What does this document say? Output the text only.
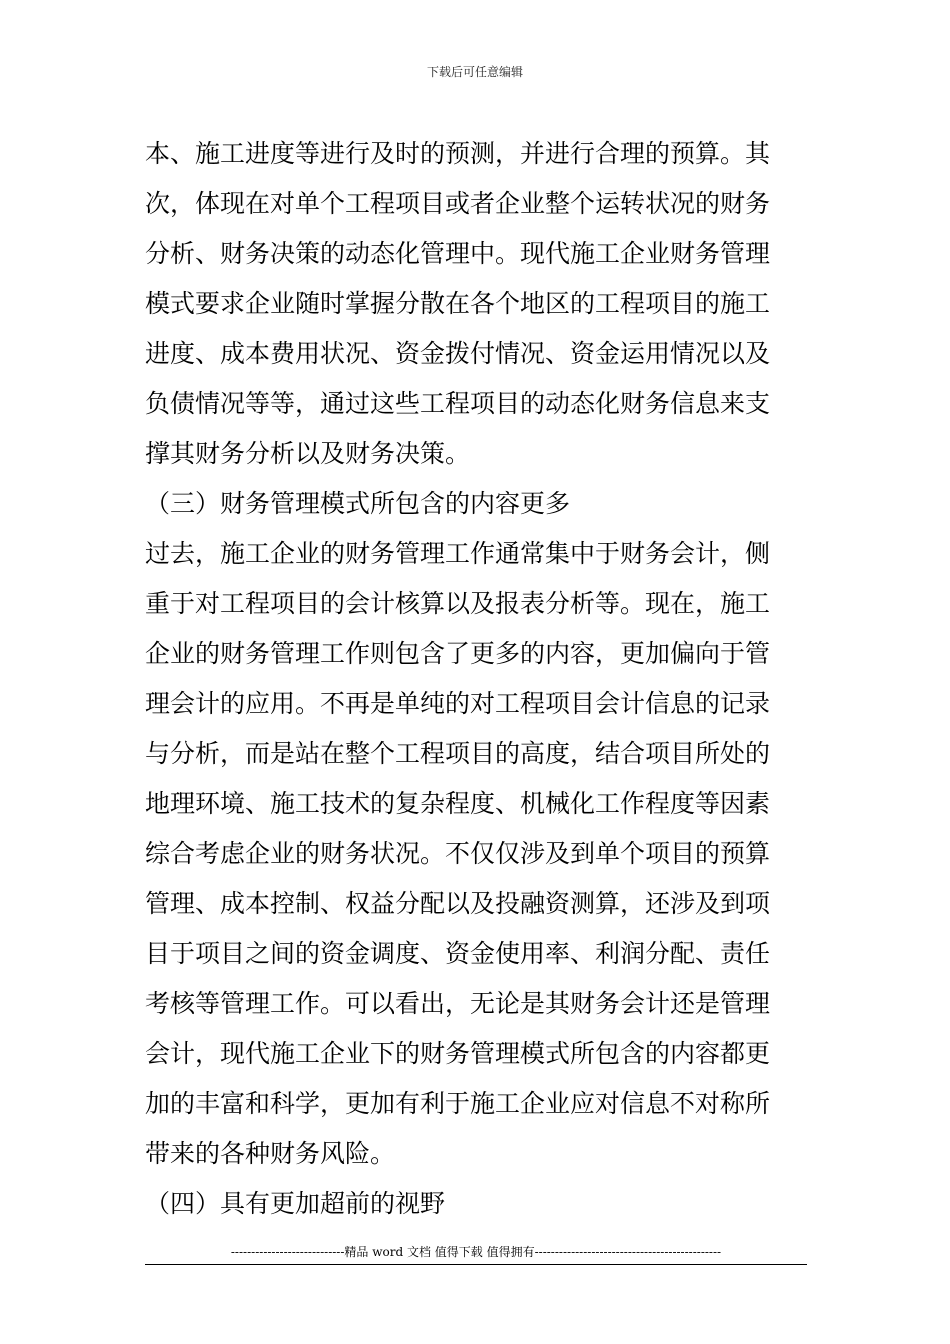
下载后可任意编辑
本、施工进度等进行及时的预测，并进行合理的预算。其
次，体现在对单个工程项目或者企业整个运转状况的财务
分析、财务决策的动态化管理中。现代施工企业财务管理
模式要求企业随时掌握分散在各个地区的工程项目的施工
进度、成本费用状况、资金拨付情况、资金运用情况以及
负债情况等等，通过这些工程项目的动态化财务信息来支
撑其财务分析以及财务决策。
（三）财务管理模式所包含的内容更多
过去，施工企业的财务管理工作通常集中于财务会计，侧
重于对工程项目的会计核算以及报表分析等。现在，施工
企业的财务管理工作则包含了更多的内容，更加偏向于管
理会计的应用。不再是单纯的对工程项目会计信息的记录
与分析，而是站在整个工程项目的高度，结合项目所处的
地理环境、施工技术的复杂程度、机械化工作程度等因素
综合考虑企业的财务状况。不仅仅涉及到单个项目的预算
管理、成本控制、权益分配以及投融资测算，还涉及到项
目于项目之间的资金调度、资金使用率、利润分配、责任
考核等管理工作。可以看出，无论是其财务会计还是管理
会计，现代施工企业下的财务管理模式所包含的内容都更
加的丰富和科学，更加有利于施工企业应对信息不对称所
带来的各种财务风险。
（四）具有更加超前的视野
----------------------------精品 word 文档 值得下载 值得拥有----------------------------------------------
